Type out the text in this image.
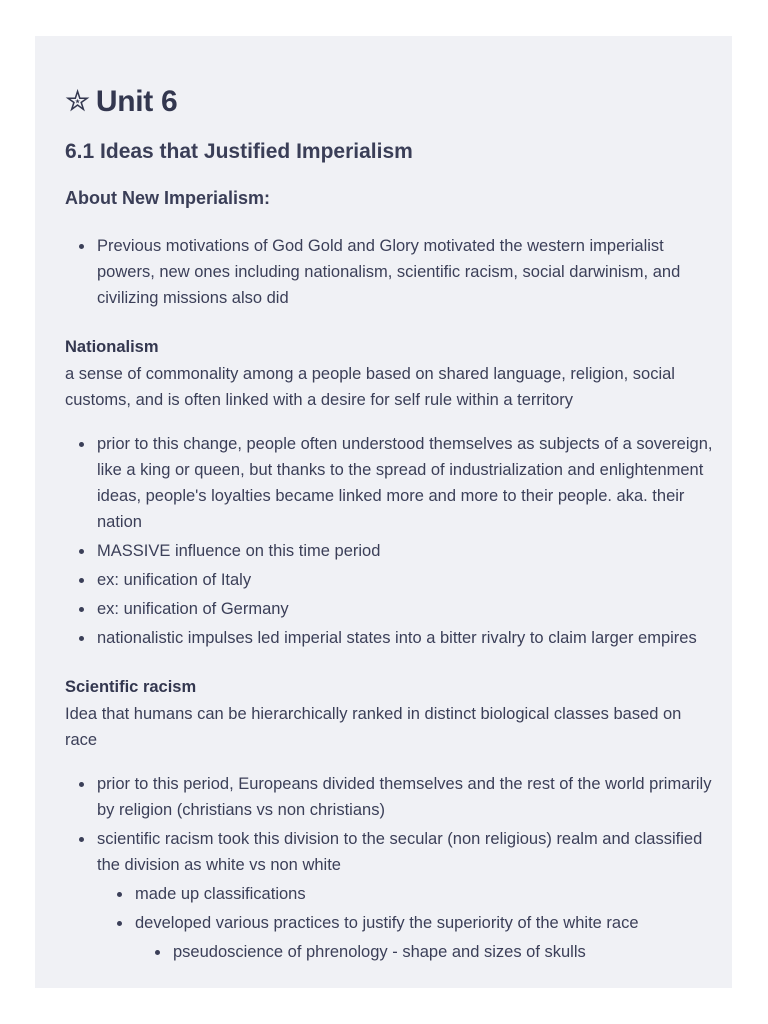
✮ Unit 6
6.1 Ideas that Justified Imperialism
About New Imperialism:
Previous motivations of God Gold and Glory motivated the western imperialist powers, new ones including nationalism, scientific racism, social darwinism, and civilizing missions also did
Nationalism
a sense of commonality among a people based on shared language, religion, social customs, and is often linked with a desire for self rule within a territory
prior to this change, people often understood themselves as subjects of a sovereign, like a king or queen, but thanks to the spread of industrialization and enlightenment ideas, people's loyalties became linked more and more to their people. aka. their nation
MASSIVE influence on this time period
ex: unification of Italy
ex: unification of Germany
nationalistic impulses led imperial states into a bitter rivalry to claim larger empires
Scientific racism
Idea that humans can be hierarchically ranked in distinct biological classes based on race
prior to this period, Europeans divided themselves and the rest of the world primarily by religion (christians vs non christians)
scientific racism took this division to the secular (non religious) realm and classified the division as white vs non white
made up classifications
developed various practices to justify the superiority of the white race
pseudoscience of phrenology - shape and sizes of skulls
